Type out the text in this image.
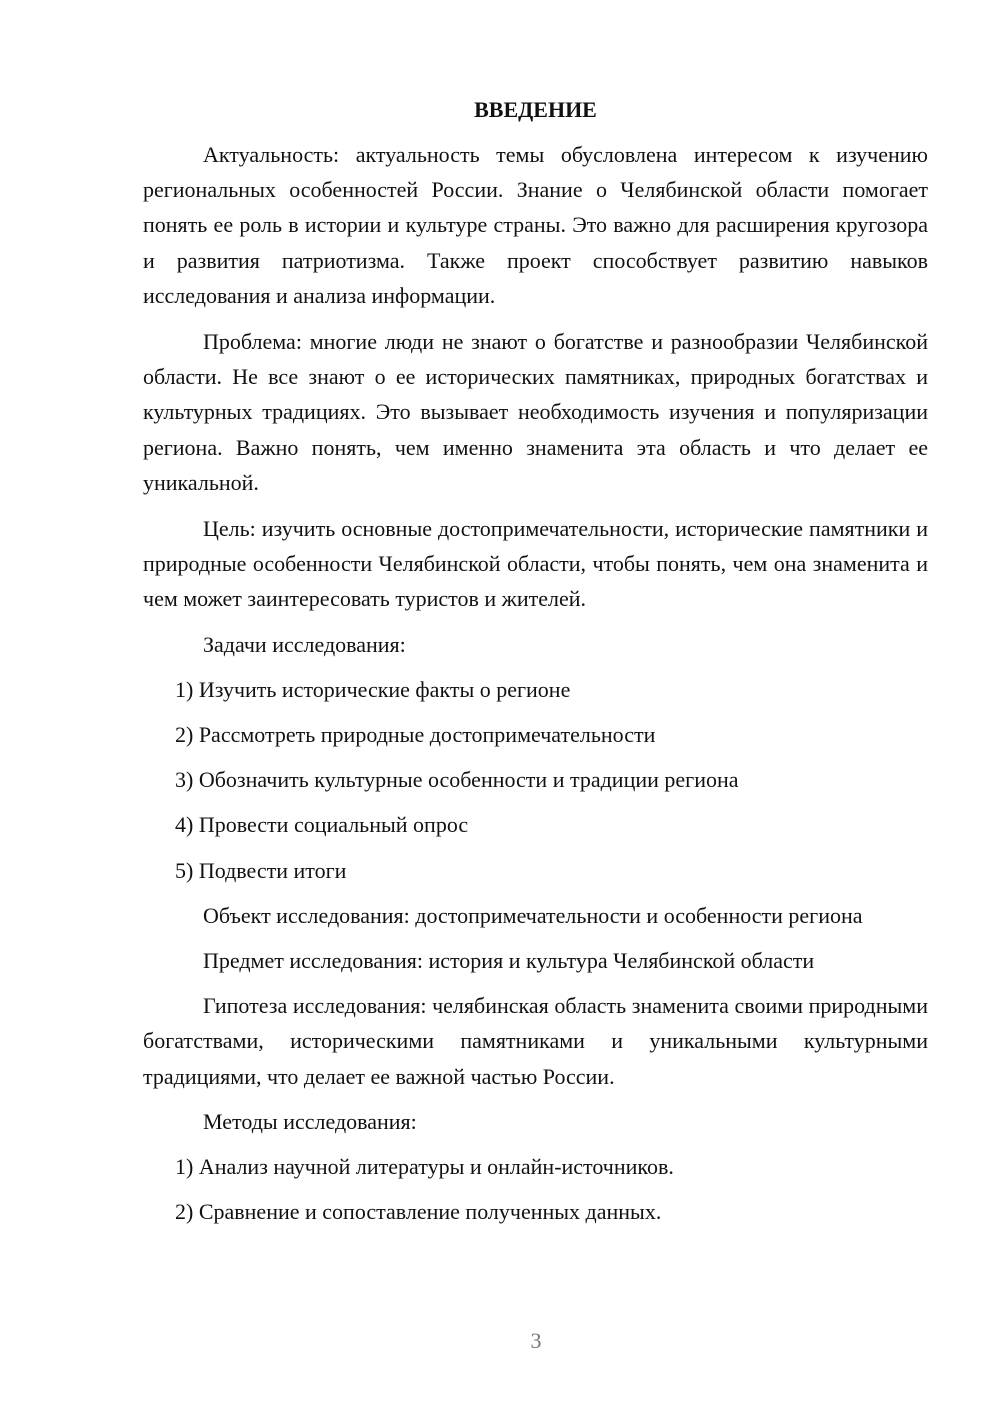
ВВЕДЕНИЕ

Актуальность: актуальность темы обусловлена интересом к изучению региональных особенностей России. Знание о Челябинской области помогает понять ее роль в истории и культуре страны. Это важно для расширения кругозора и развития патриотизма. Также проект способствует развитию навыков исследования и анализа информации.

Проблема: многие люди не знают о богатстве и разнообразии Челябинской области. Не все знают о ее исторических памятниках, природных богатствах и культурных традициях. Это вызывает необходимость изучения и популяризации региона. Важно понять, чем именно знаменита эта область и что делает ее уникальной.

Цель: изучить основные достопримечательности, исторические памятники и природные особенности Челябинской области, чтобы понять, чем она знаменита и чем может заинтересовать туристов и жителей.

Задачи исследования:

1) Изучить исторические факты о регионе

2) Рассмотреть природные достопримечательности

3) Обозначить культурные особенности и традиции региона

4) Провести социальный опрос

5) Подвести итоги

Объект исследования: достопримечательности и особенности региона

Предмет исследования: история и культура Челябинской области

Гипотеза исследования: челябинская область знаменита своими природными богатствами, историческими памятниками и уникальными культурными традициями, что делает ее важной частью России.

Методы исследования:

1) Анализ научной литературы и онлайн-источников.

2) Сравнение и сопоставление полученных данных.

3
